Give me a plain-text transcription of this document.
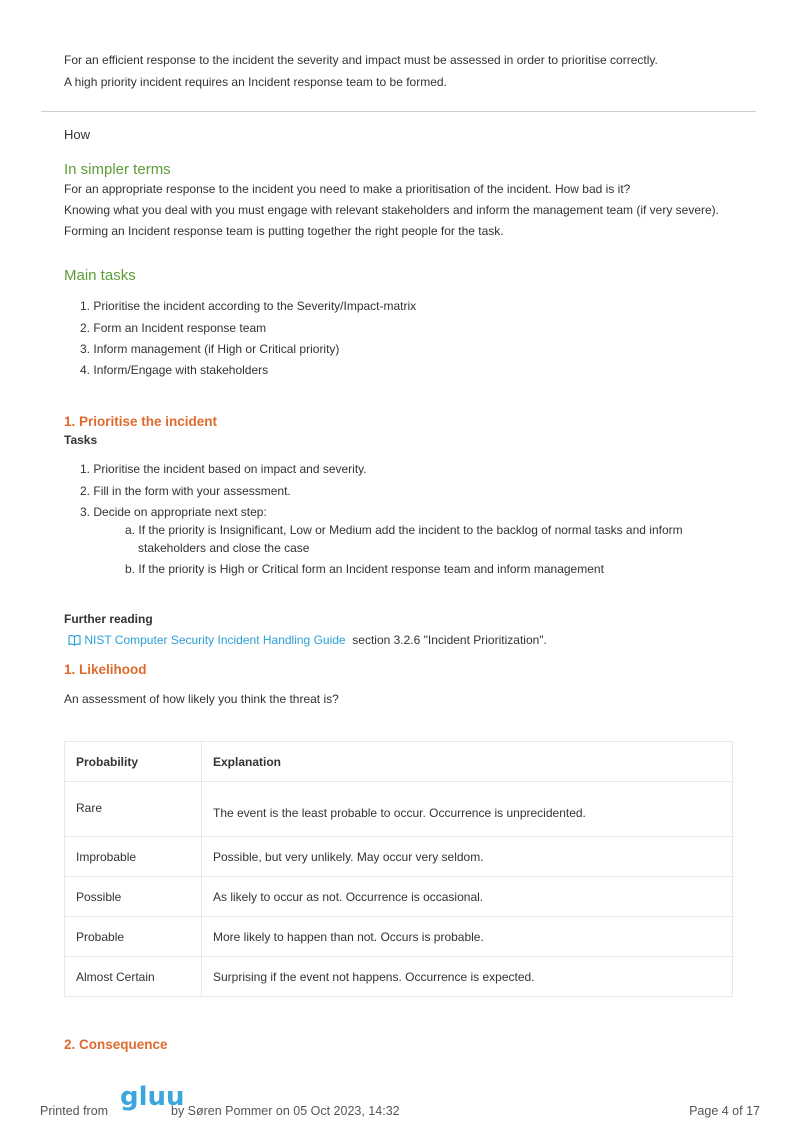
For an efficient response to the incident the severity and impact must be assessed in order to prioritise correctly.

A high priority incident requires an Incident response team to be formed.

How

In simpler terms

For an appropriate response to the incident you need to make a prioritisation of the incident. How bad is it?

Knowing what you deal with you must engage with relevant stakeholders and inform the management team (if very severe).

Forming an Incident response team is putting together the right people for the task.

Main tasks

1. Prioritise the incident according to the Severity/Impact-matrix

2. Form an Incident response team

3. Inform management (if High or Critical priority)

4. Inform/Engage with stakeholders

1. Prioritise the incident

Tasks

1. Prioritise the incident based on impact and severity.

2. Fill in the form with your assessment.

3. Decide on appropriate next step:

a. If the priority is Insignificant, Low or Medium add the incident to the backlog of normal tasks and inform

stakeholders and close the case

b. If the priority is High or Critical form an Incident response team and inform management

Further reading

NIST Computer Security Incident Handling Guide section 3.2.6 "Incident Prioritization".

1. Likelihood

An assessment of how likely you think the threat is?

Probability	Explanation
Rare	The event is the least probable to occur. Occurrence is unprecidented.
Improbable	Possible, but very unlikely. May occur very seldom.
Possible	As likely to occur as not. Occurrence is occasional.
Probable	More likely to happen than not. Occurs is probable.
Almost Certain	Surprising if the event not happens. Occurrence is expected.

2. Consequence

Printed from gluu

by Søren Pommer on 05 Oct 2023, 14:32	Page 4 of 17
